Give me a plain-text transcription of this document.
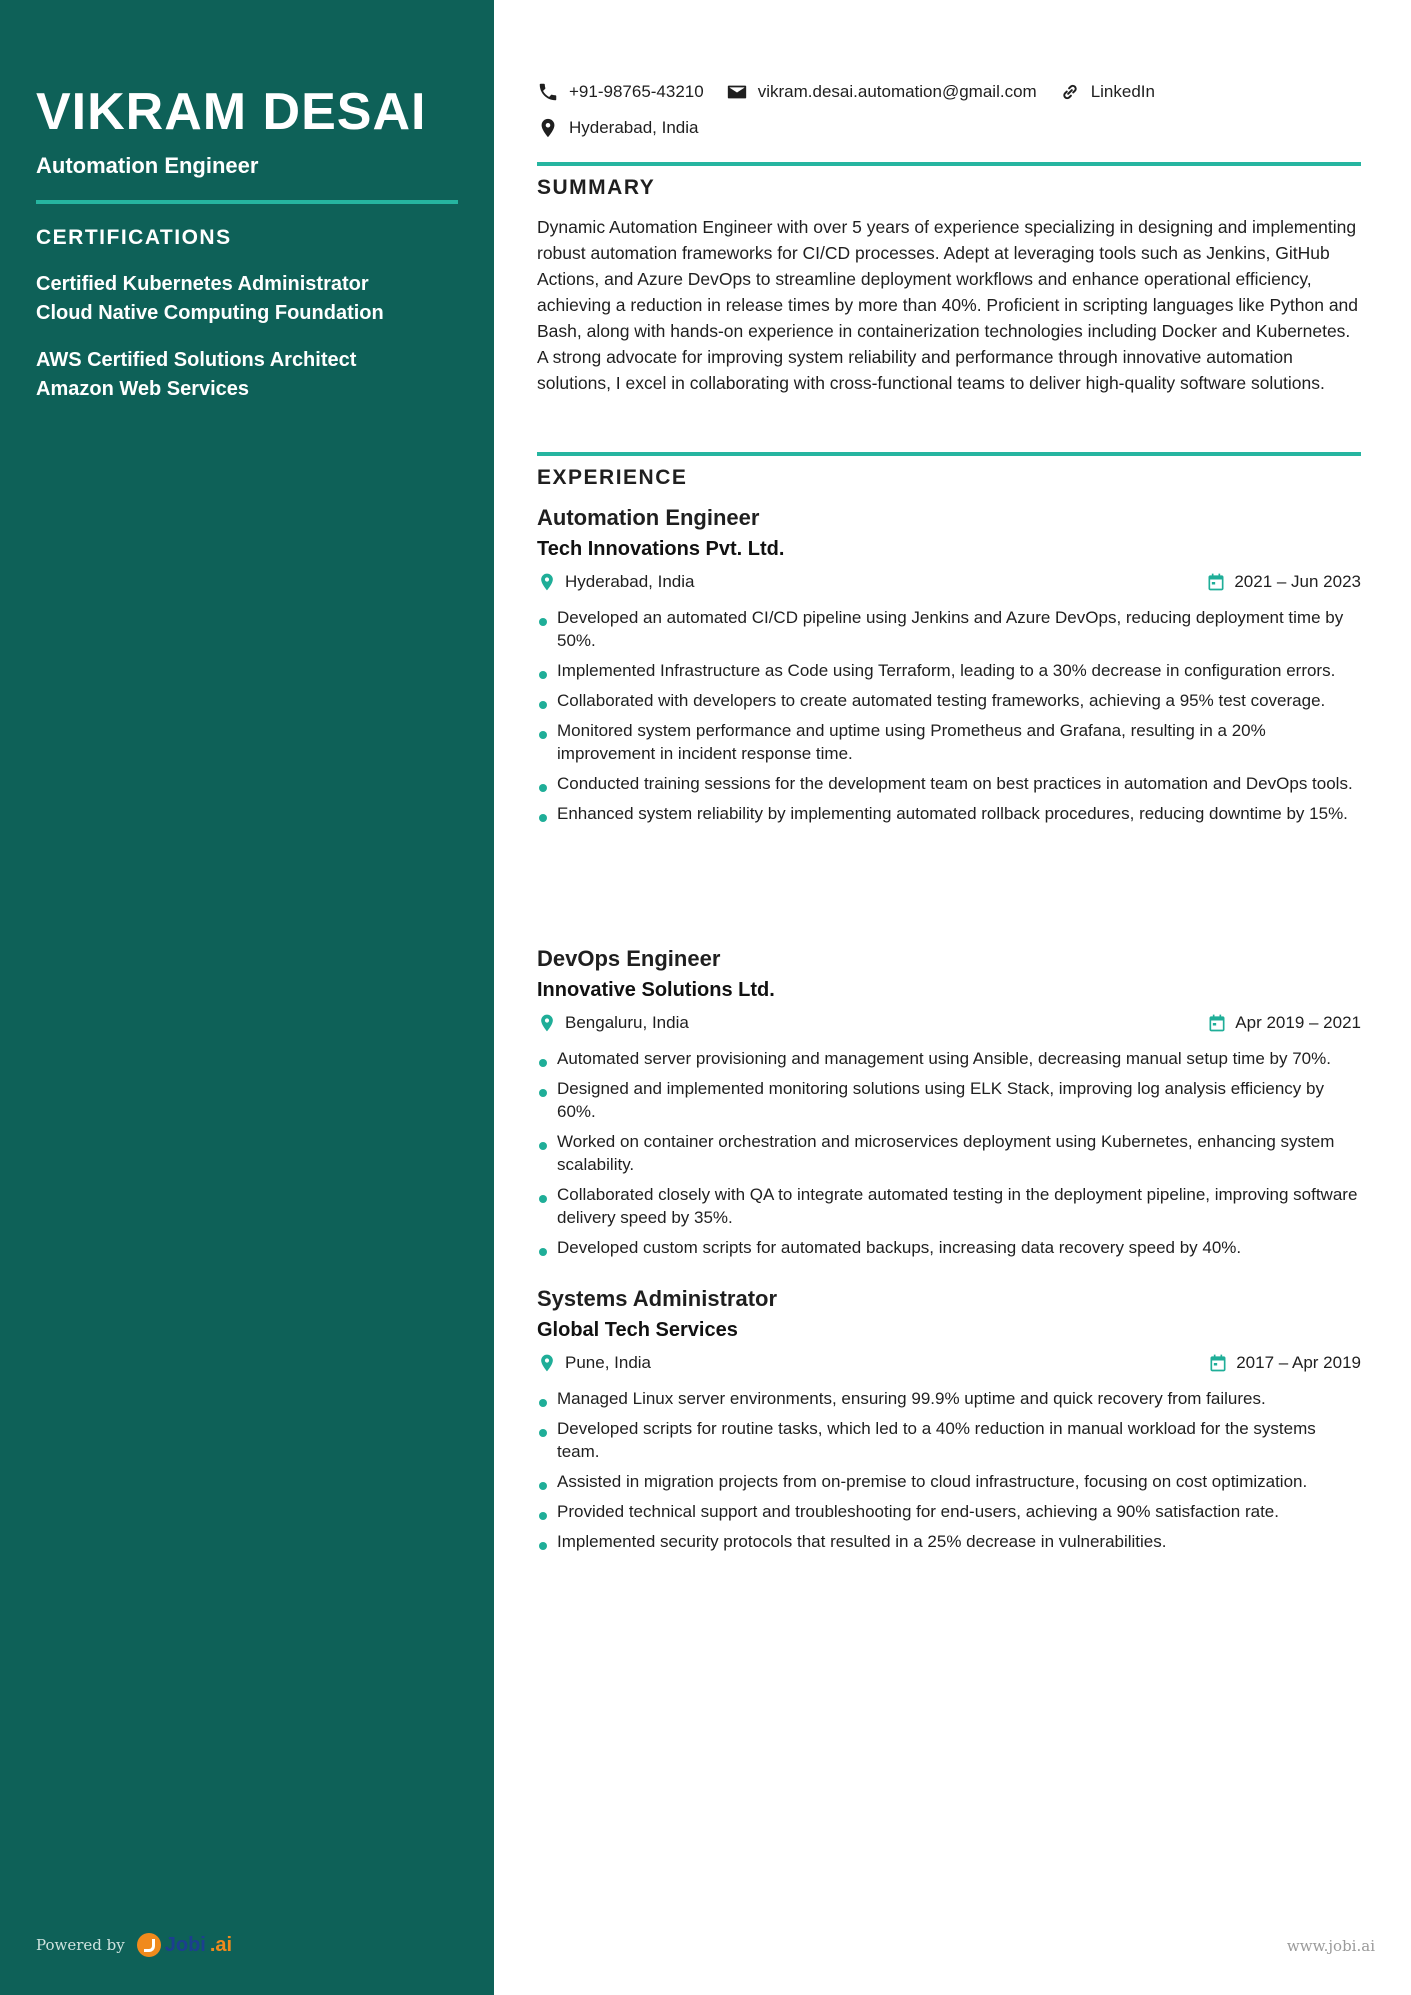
VIKRAM DESAI
Automation Engineer
CERTIFICATIONS
Certified Kubernetes Administrator
Cloud Native Computing Foundation
AWS Certified Solutions Architect
Amazon Web Services
Powered by Jobi .ai
+91-98765-43210	vikram.desai.automation@gmail.com	LinkedIn
Hyderabad, India
SUMMARY
Dynamic Automation Engineer with over 5 years of experience specializing in designing and implementing robust automation frameworks for CI/CD processes. Adept at leveraging tools such as Jenkins, GitHub Actions, and Azure DevOps to streamline deployment workflows and enhance operational efficiency, achieving a reduction in release times by more than 40%. Proficient in scripting languages like Python and Bash, along with hands-on experience in containerization technologies including Docker and Kubernetes. A strong advocate for improving system reliability and performance through innovative automation solutions, I excel in collaborating with cross-functional teams to deliver high-quality software solutions.
EXPERIENCE
Automation Engineer
Tech Innovations Pvt. Ltd.
Hyderabad, India	2021 – Jun 2023
Developed an automated CI/CD pipeline using Jenkins and Azure DevOps, reducing deployment time by 50%.
Implemented Infrastructure as Code using Terraform, leading to a 30% decrease in configuration errors.
Collaborated with developers to create automated testing frameworks, achieving a 95% test coverage.
Monitored system performance and uptime using Prometheus and Grafana, resulting in a 20% improvement in incident response time.
Conducted training sessions for the development team on best practices in automation and DevOps tools.
Enhanced system reliability by implementing automated rollback procedures, reducing downtime by 15%.
DevOps Engineer
Innovative Solutions Ltd.
Bengaluru, India	Apr 2019 – 2021
Automated server provisioning and management using Ansible, decreasing manual setup time by 70%.
Designed and implemented monitoring solutions using ELK Stack, improving log analysis efficiency by 60%.
Worked on container orchestration and microservices deployment using Kubernetes, enhancing system scalability.
Collaborated closely with QA to integrate automated testing in the deployment pipeline, improving software delivery speed by 35%.
Developed custom scripts for automated backups, increasing data recovery speed by 40%.
Systems Administrator
Global Tech Services
Pune, India	2017 – Apr 2019
Managed Linux server environments, ensuring 99.9% uptime and quick recovery from failures.
Developed scripts for routine tasks, which led to a 40% reduction in manual workload for the systems team.
Assisted in migration projects from on-premise to cloud infrastructure, focusing on cost optimization.
Provided technical support and troubleshooting for end-users, achieving a 90% satisfaction rate.
Implemented security protocols that resulted in a 25% decrease in vulnerabilities.
www.jobi.ai
